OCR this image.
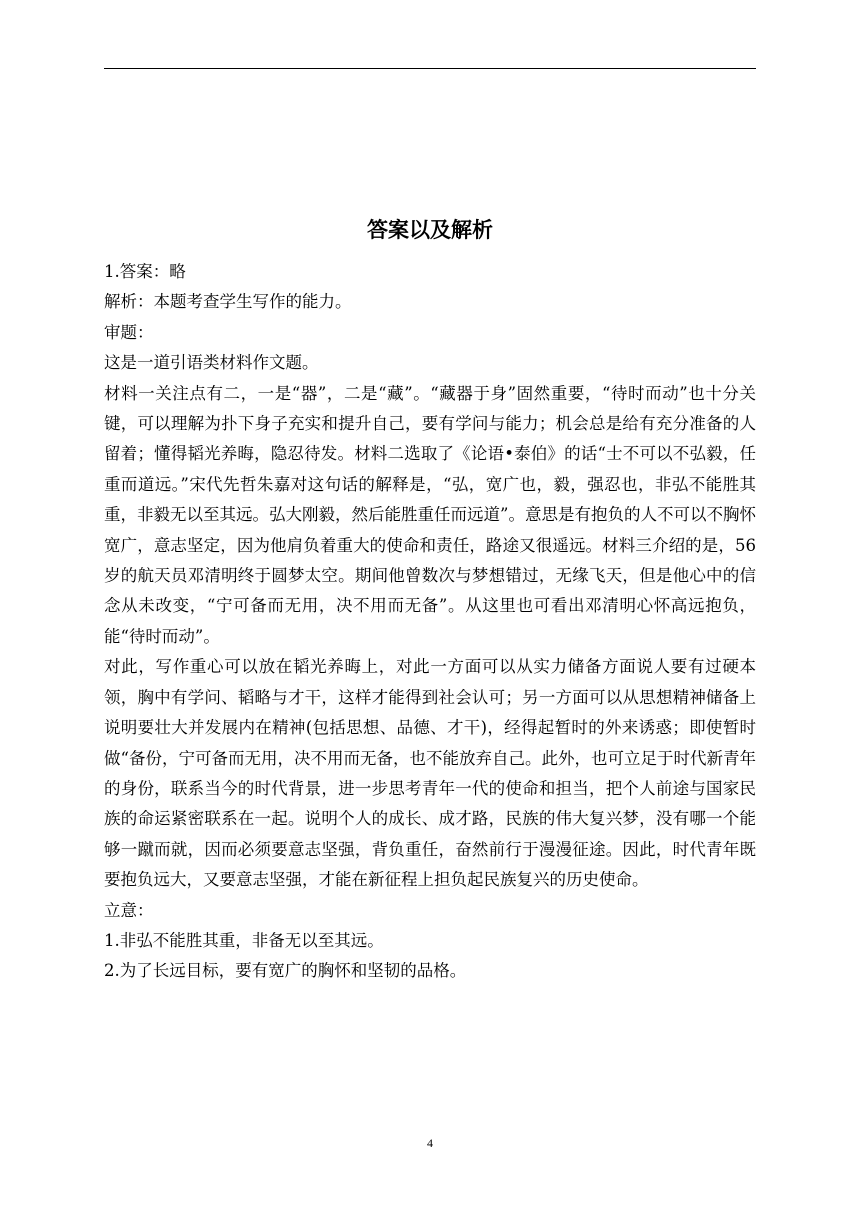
答案以及解析

1.答案：略

解析：本题考查学生写作的能力。

审题：

这是一道引语类材料作文题。

材料一关注点有二，一是“器”，二是“藏”。“藏器于身”固然重要，“待时而动”也十分关键，可以理解为扑下身子充实和提升自己，要有学问与能力；机会总是给有充分准备的人留着；懂得韬光养晦，隐忍待发。材料二选取了《论语•泰伯》的话“士不可以不弘毅，任重而道远。”宋代先哲朱嘉对这句话的解释是，“弘，宽广也，毅，强忍也，非弘不能胜其重，非毅无以至其远。弘大刚毅，然后能胜重任而远道”。意思是有抱负的人不可以不胸怀宽广，意志坚定，因为他肩负着重大的使命和责任，路途又很遥远。材料三介绍的是，56岁的航天员邓清明终于圆梦太空。期间他曾数次与梦想错过，无缘飞天，但是他心中的信念从未改变，“宁可备而无用，决不用而无备”。从这里也可看出邓清明心怀高远抱负，能“待时而动”。

对此，写作重心可以放在韬光养晦上，对此一方面可以从实力储备方面说人要有过硬本领，胸中有学问、韬略与才干，这样才能得到社会认可；另一方面可以从思想精神储备上说明要壮大并发展内在精神(包括思想、品德、才干)，经得起暂时的外来诱惑；即使暂时做“备份，宁可备而无用，决不用而无备，也不能放弃自己。此外，也可立足于时代新青年的身份，联系当今的时代背景，进一步思考青年一代的使命和担当，把个人前途与国家民族的命运紧密联系在一起。说明个人的成长、成才路，民族的伟大复兴梦，没有哪一个能够一蹴而就，因而必须要意志坚强，背负重任，奋然前行于漫漫征途。因此，时代青年既要抱负远大，又要意志坚强，才能在新征程上担负起民族复兴的历史使命。

立意：

1.非弘不能胜其重，非备无以至其远。

2.为了长远目标，要有宽广的胸怀和坚韧的品格。

4
